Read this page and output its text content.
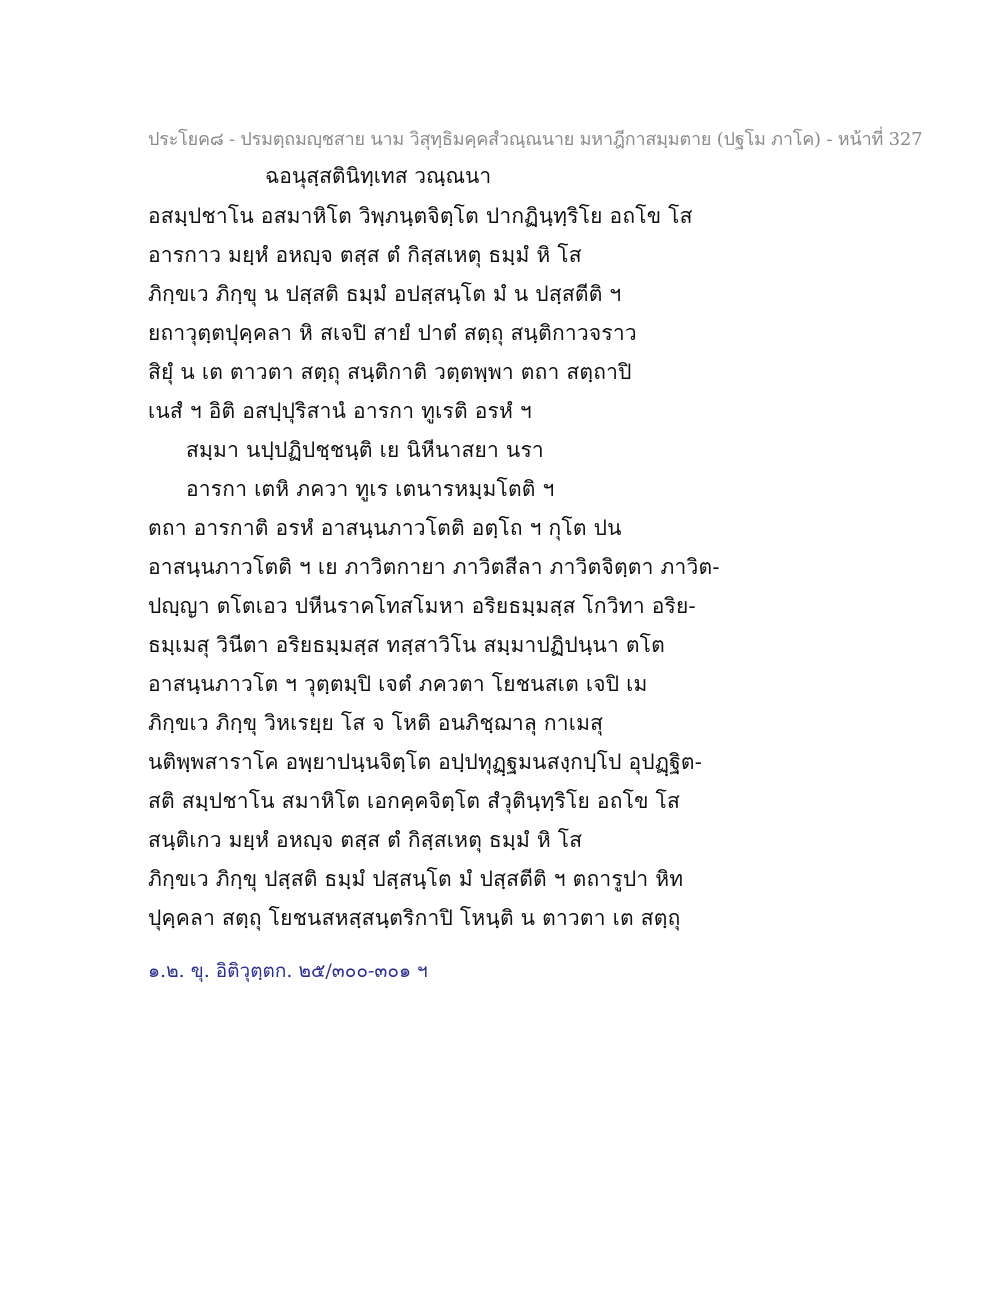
ประโยค๘ - ปรมตฺถมญฺชสาย นาม วิสุทฺธิมคฺคสํวณฺณนาย มหาฎีกาสมฺมตาย (ปฐโม ภาโค) - หน้าที่ 327
ฉอนุสฺสตินิทฺเทส วณฺณนา
อสมฺปชาโน อสมาหิโต วิพฺภนฺตจิตฺโต ปากฏินฺทฺริโย อถโข โส
อารกาว มยฺหํ อหญฺจ ตสฺส ตํ กิสฺสเหตุ ธมฺมํ หิ โส
ภิกฺขเว ภิกฺขุ น ปสฺสติ ธมฺมํ อปสฺสนฺโต มํ น ปสฺสตีติ ฯ
ยถาวุตฺตปุคฺคลา หิ สเจปิ สายํ ปาตํ สตฺถุ สนฺติกาวจราว
สิยุํ น เต ตาวตา สตฺถุ สนฺติกาติ วตฺตพฺพา ตถา สตฺถาปิ
เนสํ ฯ อิติ อสปฺปุริสานํ อารกา ทูเรติ อรหํ ฯ
สมฺมา นปฺปฏิปชฺชนฺติ เย นิหีนาสยา นรา
อารกา เตหิ ภควา ทูเร เตนารหมฺมโตติ ฯ
ตถา อารกาติ อรหํ อาสนฺนภาวโตติ อตฺโถ ฯ กุโต ปน
อาสนฺนภาวโตติ ฯ เย ภาวิตกายา ภาวิตสีลา ภาวิตจิตฺตา ภาวิต-
ปญฺญา ตโตเอว ปหีนราคโทสโมหา อริยธมฺมสฺส โกวิทา อริย-
ธมฺเมสุ วินีตา อริยธมฺมสฺส ทสฺสาวิโน สมฺมาปฏิปนฺนา ตโต
อาสนฺนภาวโต ฯ วุตฺตมฺปิ เจตํ ภควตา โยชนสเต เจปิ เม
ภิกฺขเว ภิกฺขุ วิหเรยฺย โส จ โหติ อนภิชฺฌาลุ กาเมสุ
นติพฺพสาราโค อพฺยาปนฺนจิตฺโต อปฺปทุฏฺฐมนสงฺกปฺโป อุปฏฺฐิต-
สติ สมฺปชาโน สมาหิโต เอกคฺคจิตฺโต สํวุตินฺทฺริโย อถโข โส
สนฺติเกว มยฺหํ อหญฺจ ตสฺส ตํ กิสฺสเหตุ ธมฺมํ หิ โส
ภิกฺขเว ภิกฺขุ ปสฺสติ ธมฺมํ ปสฺสนฺโต มํ ปสฺสตีติ ฯ ตถารูปา หิท
ปุคฺคลา สตฺถุ โยชนสหสฺสนฺตริกาปิ โหนฺติ น ตาวตา เต สตฺถุ
๑.๒. ขุ. อิติวุตฺตก. ๒๕/๓๐๐-๓๐๑ ฯ
